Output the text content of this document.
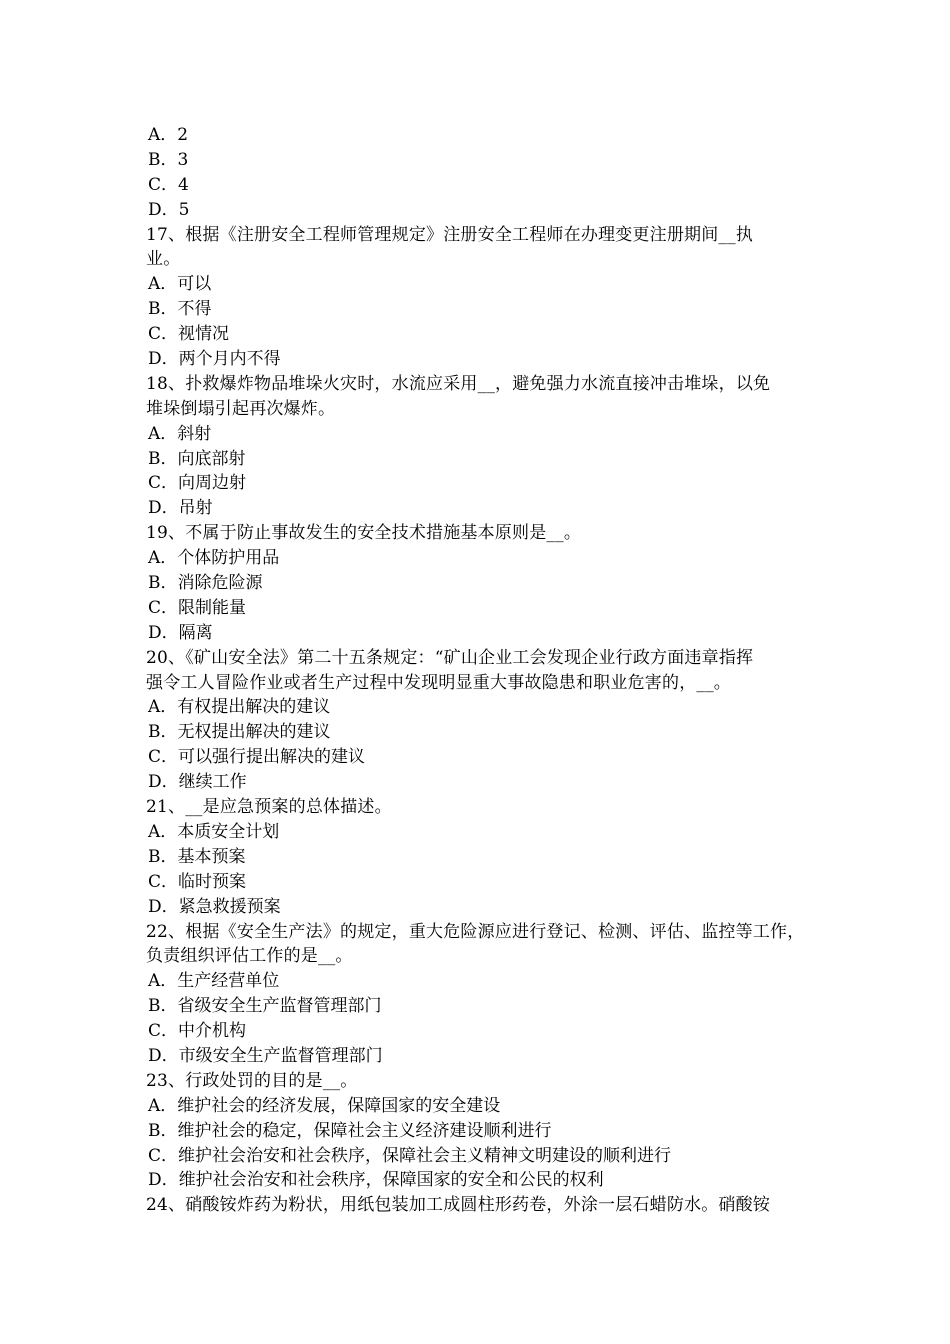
A．2
B．3
C．4
D．5
17、根据《注册安全工程师管理规定》注册安全工程师在办理变更注册期间__执
业。
A．可以
B．不得
C．视情况
D．两个月内不得
18、扑救爆炸物品堆垛火灾时，水流应采用__，避免强力水流直接冲击堆垛，以免
堆垛倒塌引起再次爆炸。
A．斜射
B．向底部射
C．向周边射
D．吊射
19、不属于防止事故发生的安全技术措施基本原则是__。
A．个体防护用品
B．消除危险源
C．限制能量
D．隔离
20、《矿山安全法》第二十五条规定：“矿山企业工会发现企业行政方面违章指挥
强令工人冒险作业或者生产过程中发现明显重大事故隐患和职业危害的，__。
A．有权提出解决的建议
B．无权提出解决的建议
C．可以强行提出解决的建议
D．继续工作
21、__是应急预案的总体描述。
A．本质安全计划
B．基本预案
C．临时预案
D．紧急救援预案
22、根据《安全生产法》的规定，重大危险源应进行登记、检测、评估、监控等工作，
负责组织评估工作的是__。
A．生产经营单位
B．省级安全生产监督管理部门
C．中介机构
D．市级安全生产监督管理部门
23、行政处罚的目的是__。
A．维护社会的经济发展，保障国家的安全建设
B．维护社会的稳定，保障社会主义经济建设顺利进行
C．维护社会治安和社会秩序，保障社会主义精神文明建设的顺利进行
D．维护社会治安和社会秩序，保障国家的安全和公民的权利
24、硝酸铵炸药为粉状，用纸包装加工成圆柱形药卷，外涂一层石蜡防水。硝酸铵
